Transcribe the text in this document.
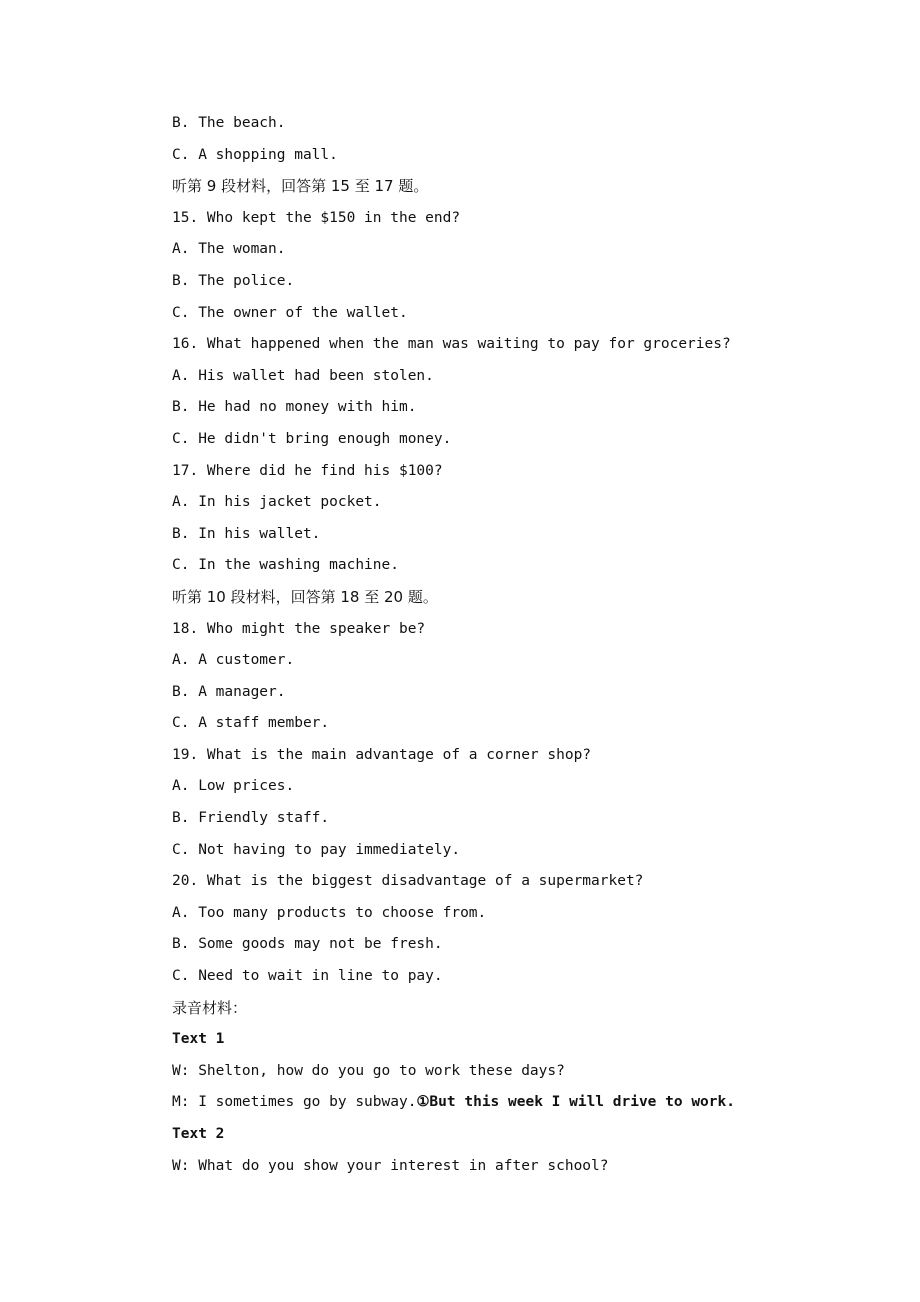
B. The beach.
C. A shopping mall.
听第 9 段材料，回答第 15 至 17 题。
15. Who kept the $150 in the end?
A. The woman.
B. The police.
C. The owner of the wallet.
16. What happened when the man was waiting to pay for groceries?
A. His wallet had been stolen.
B. He had no money with him.
C. He didn't bring enough money.
17. Where did he find his $100?
A. In his jacket pocket.
B. In his wallet.
C. In the washing machine.
听第 10 段材料，回答第 18 至 20 题。
18. Who might the speaker be?
A. A customer.
B. A manager.
C. A staff member.
19. What is the main advantage of a corner shop?
A. Low prices.
B. Friendly staff.
C. Not having to pay immediately.
20. What is the biggest disadvantage of a supermarket?
A. Too many products to choose from.
B. Some goods may not be fresh.
C. Need to wait in line to pay.
录音材料：
Text 1
W: Shelton, how do you go to work these days?
M: I sometimes go by subway.①But this week I will drive to work.
Text 2
W: What do you show your interest in after school?
